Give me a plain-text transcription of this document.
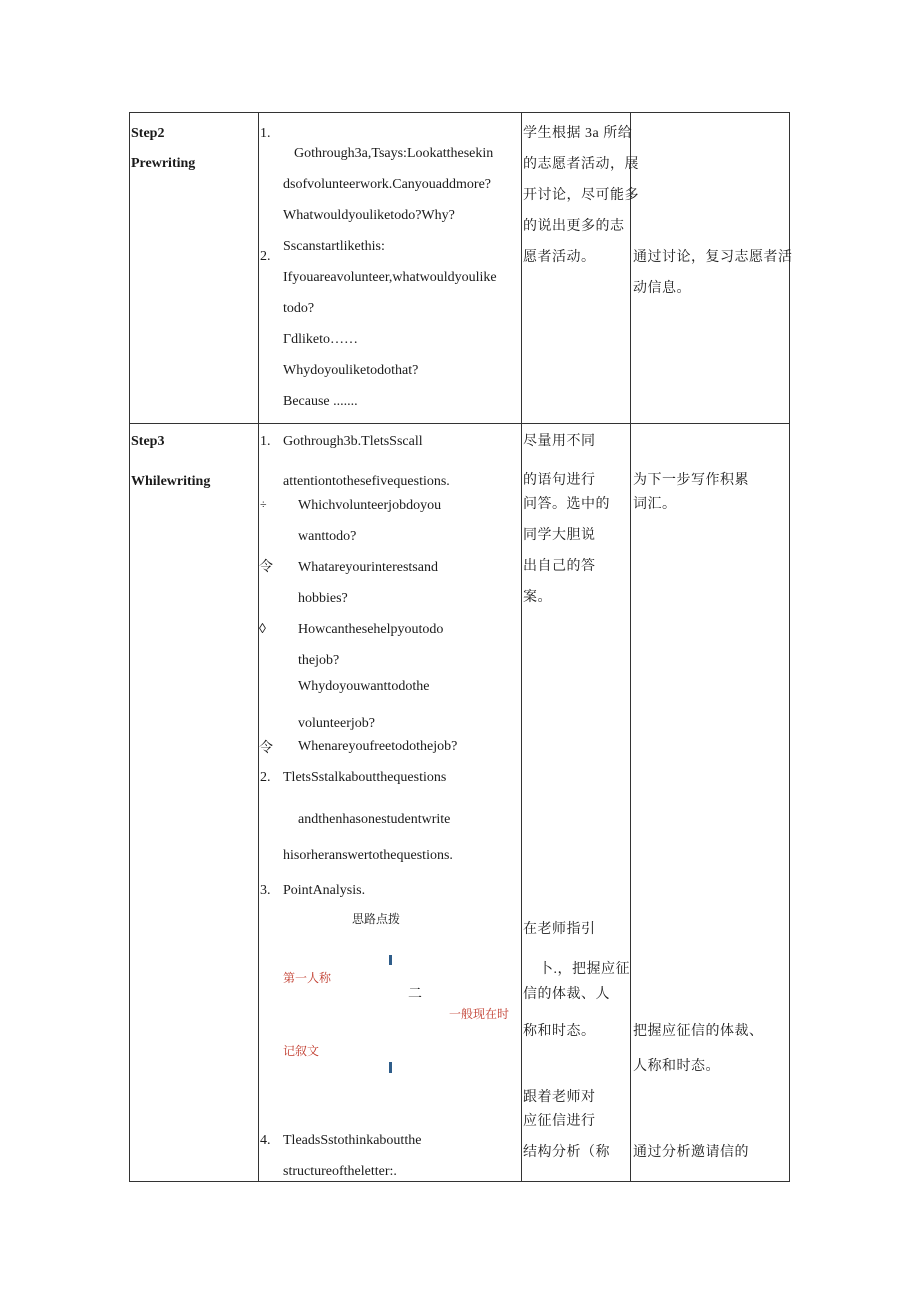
Step2
Prewriting
1.
Gothrough3a,Tsays:Lookatthesekin
dsofvolunteerwork.Canyouaddmore?
Whatwouldyouliketodo?Why?
Sscanstartlikethis:
2.
Ifyouareavolunteer,whatwouldyoulike
todo?
Γdliketo……
Whydoyouliketodothat?
Because .......
学生根据 3a 所给
的志愿者活动，展
开讨论，尽可能多
的说出更多的志
愿者活动。	通过讨论，复习志愿者活
动信息。
Step3
Whilewriting
1. Gothrough3b.TletsSscall
attentiontothesefivequestions.
÷ Whichvolunteerjobdoyou
wanttodo?
令 Whatareyourinterestsand
hobbies?
◊ Howcanthesehelpyoutodo
thejob?
Whydoyouwanttodothe
volunteerjob?
令 Whenareyoufreetodothejob?
2. TletsSstalkaboutthequestions
andthenhasonestudentwrite
hisorheranswertothequestions.
3. PointAnalysis.
思路点拨
第一人称
二
一般现在时
记叙文
4. TleadsSstothinkaboutthe
structureoftheletter:.
尽量用不同
的语句进行
问答。选中的
同学大胆说
出自己的答
案。
在老师指引
卜.，把握应征
信的体裁、人
称和时态。
跟着老师对
应征信进行
结构分析（称
为下一步写作积累
词汇。
把握应征信的体裁、
人称和时态。
通过分析邀请信的
